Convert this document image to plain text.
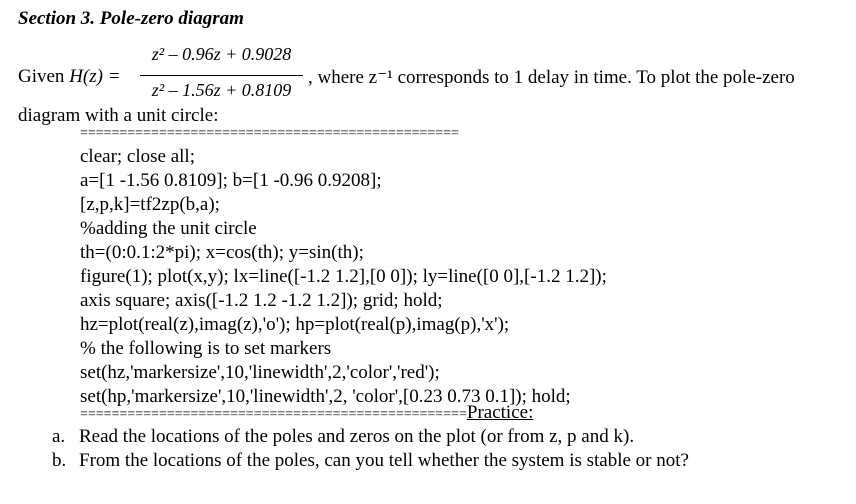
Section 3. Pole-zero diagram
Given H(z) =
z² – 0.96z + 0.9028
z² – 1.56z + 0.8109
, where z⁻¹ corresponds to 1 delay in time. To plot the pole-zero
diagram with a unit circle:
================================================
clear; close all;
a=[1 -1.56 0.8109]; b=[1 -0.96 0.9208];
[z,p,k]=tf2zp(b,a);
%adding the unit circle
th=(0:0.1:2*pi); x=cos(th); y=sin(th);
figure(1); plot(x,y); lx=line([-1.2 1.2],[0 0]); ly=line([0 0],[-1.2 1.2]);
axis square; axis([-1.2 1.2 -1.2 1.2]); grid; hold;
hz=plot(real(z),imag(z),'o'); hp=plot(real(p),imag(p),'x');
% the following is to set markers
set(hz,'markersize',10,'linewidth',2,'color','red');
set(hp,'markersize',10,'linewidth',2, 'color',[0.23 0.73 0.1]); hold;
=================================================Practice:
a. Read the locations of the poles and zeros on the plot (or from z, p and k).
b. From the locations of the poles, can you tell whether the system is stable or not?
